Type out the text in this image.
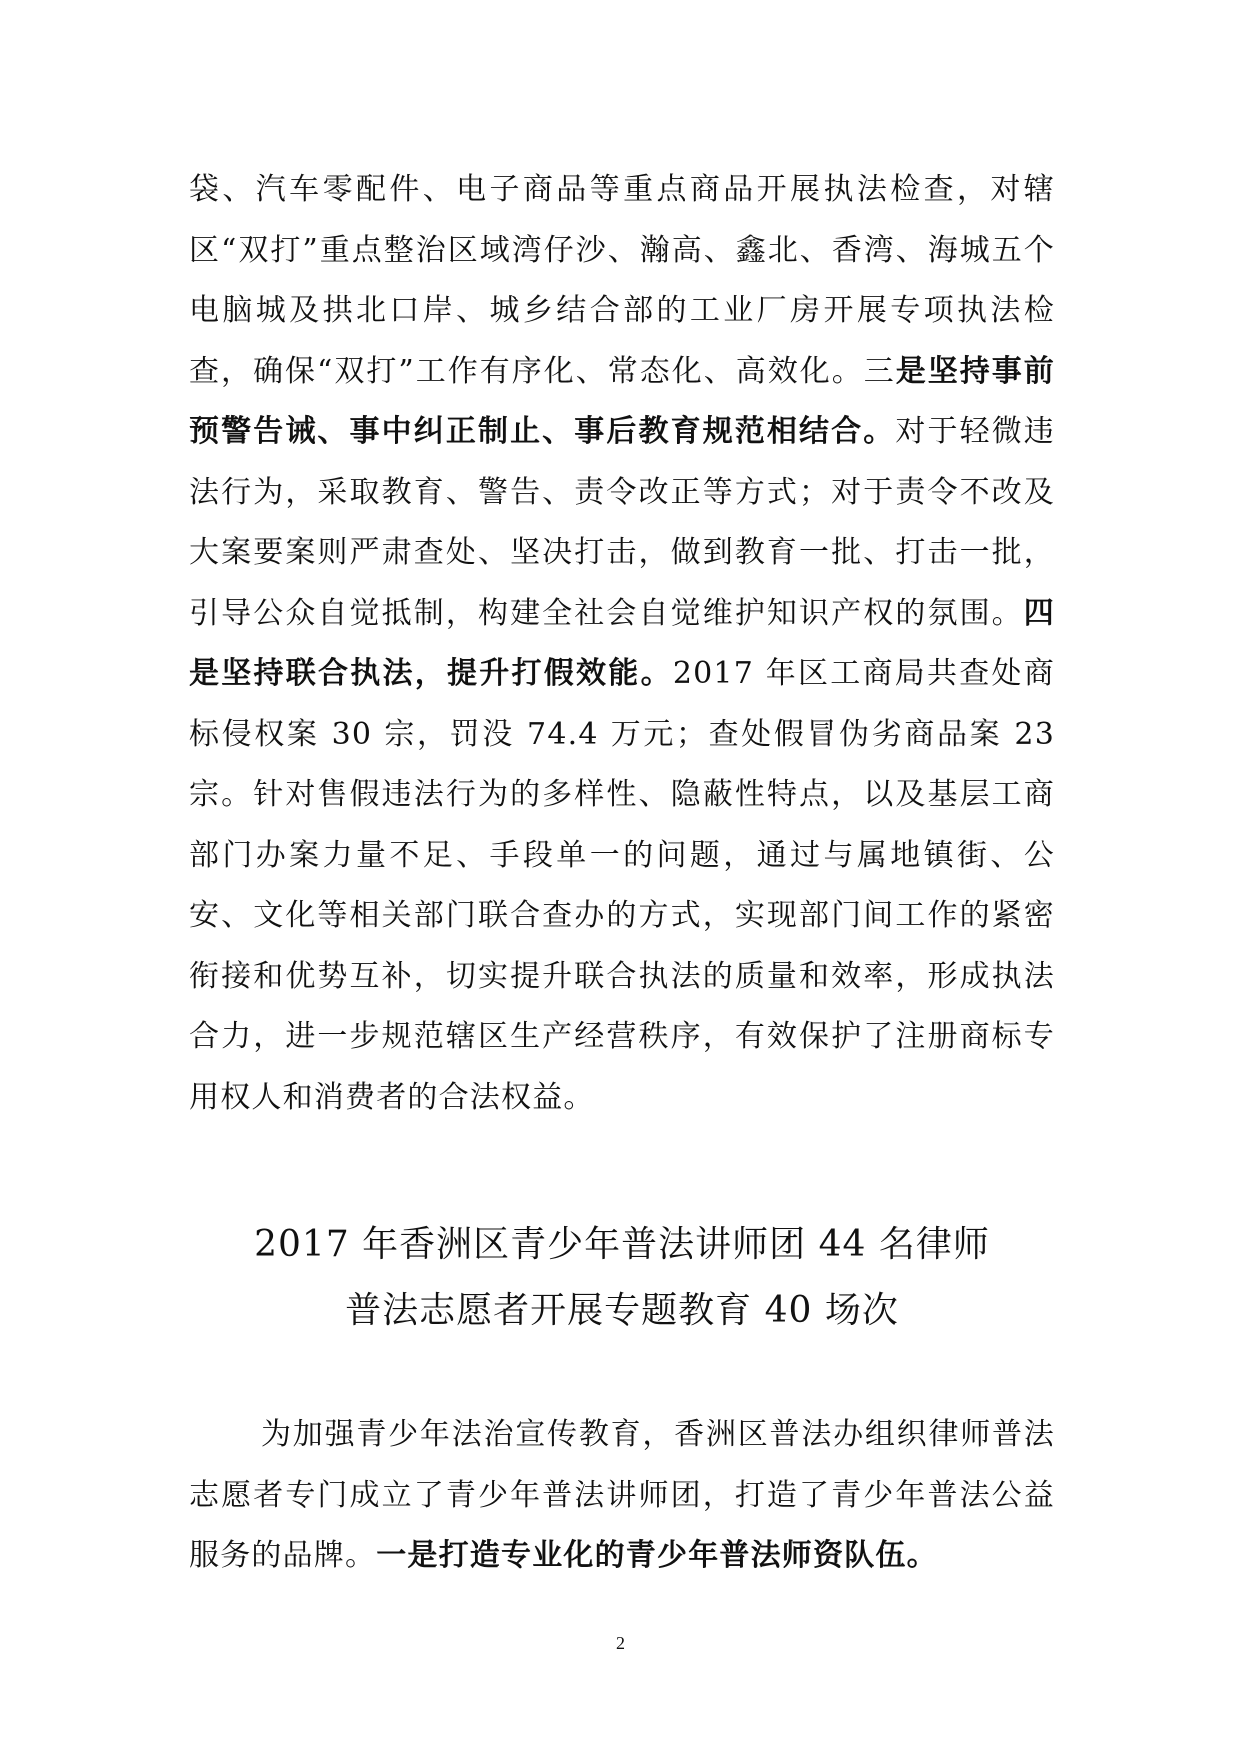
袋、汽车零配件、电子商品等重点商品开展执法检查，对辖区“双打”重点整治区域湾仔沙、瀚高、鑫北、香湾、海城五个电脑城及拱北口岸、城乡结合部的工业厂房开展专项执法检查，确保“双打”工作有序化、常态化、高效化。三是坚持事前预警告诫、事中纠正制止、事后教育规范相结合。对于轻微违法行为，采取教育、警告、责令改正等方式；对于责令不改及大案要案则严肃查处、坚决打击，做到教育一批、打击一批，引导公众自觉抵制，构建全社会自觉维护知识产权的氛围。四是坚持联合执法，提升打假效能。2017 年区工商局共查处商标侵权案 30 宗，罚没 74.4 万元；查处假冒伪劣商品案 23 宗。针对售假违法行为的多样性、隐蔽性特点，以及基层工商部门办案力量不足、手段单一的问题，通过与属地镇街、公安、文化等相关部门联合查办的方式，实现部门间工作的紧密衔接和优势互补，切实提升联合执法的质量和效率，形成执法合力，进一步规范辖区生产经营秩序，有效保护了注册商标专用权人和消费者的合法权益。

2017 年香洲区青少年普法讲师团 44 名律师
普法志愿者开展专题教育 40 场次

为加强青少年法治宣传教育，香洲区普法办组织律师普法志愿者专门成立了青少年普法讲师团，打造了青少年普法公益服务的品牌。一是打造专业化的青少年普法师资队伍。

2
